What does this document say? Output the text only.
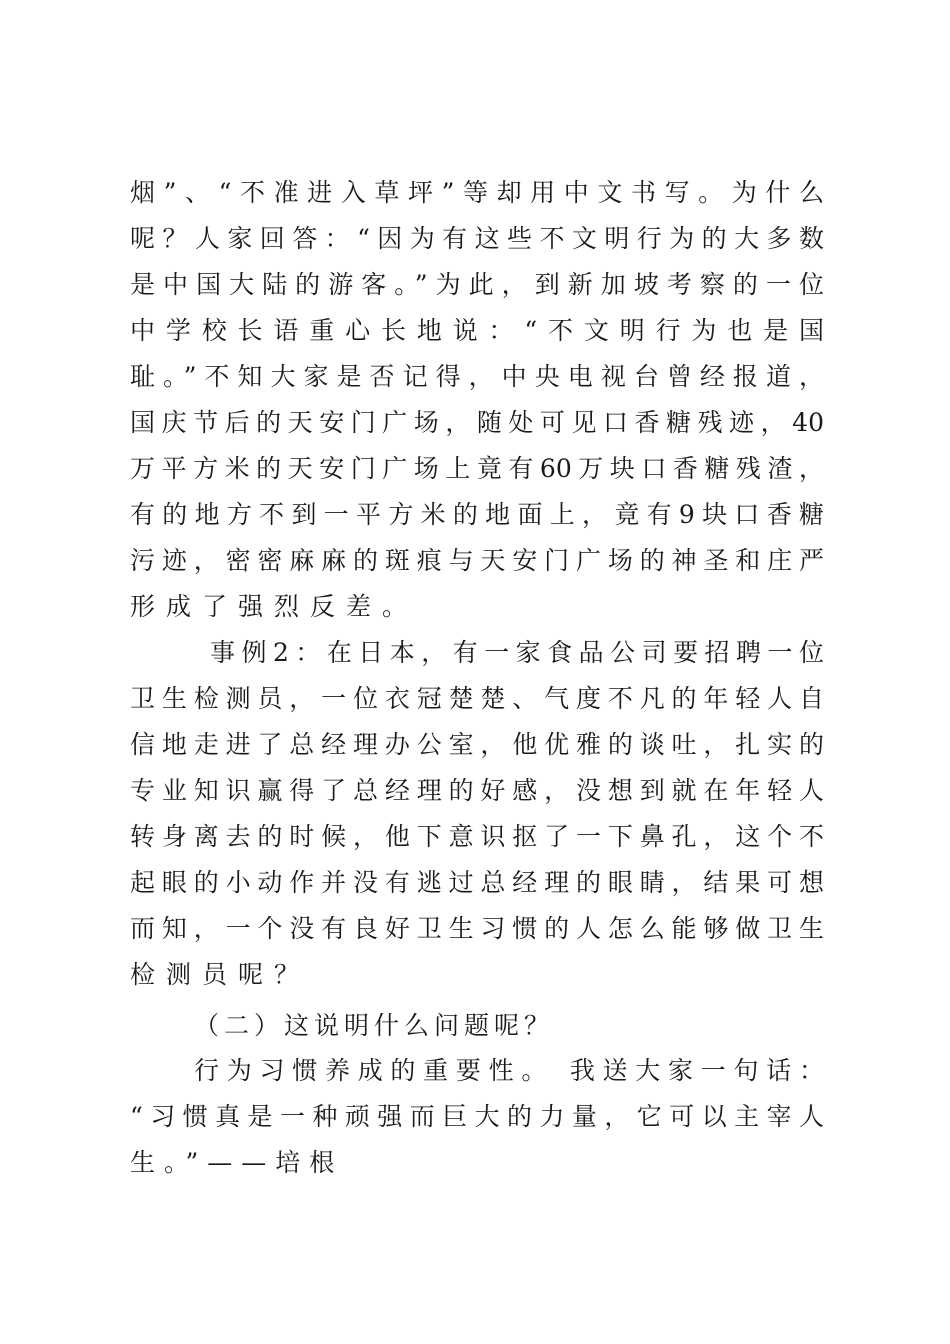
烟”、“不准进入草坪”等却用中文书写。为什么
呢？人家回答：“因为有这些不文明行为的大多数
是中国大陆的游客。”为此，到新加坡考察的一位
中学校长语重心长地说：“不文明行为也是国
耻。”不知大家是否记得，中央电视台曾经报道，
国庆节后的天安门广场，随处可见口香糖残迹，40
万平方米的天安门广场上竟有60万块口香糖残渣，
有的地方不到一平方米的地面上，竟有9块口香糖
污迹，密密麻麻的斑痕与天安门广场的神圣和庄严
形成了强烈反差。
事例2：在日本，有一家食品公司要招聘一位
卫生检测员，一位衣冠楚楚、气度不凡的年轻人自
信地走进了总经理办公室，他优雅的谈吐，扎实的
专业知识赢得了总经理的好感，没想到就在年轻人
转身离去的时候，他下意识抠了一下鼻孔，这个不
起眼的小动作并没有逃过总经理的眼睛，结果可想
而知，一个没有良好卫生习惯的人怎么能够做卫生
检测员呢？
（二）这说明什么问题呢？
行为习惯养成的重要性。 我送大家一句话：
“习惯真是一种顽强而巨大的力量，它可以主宰人
生。”——培根
